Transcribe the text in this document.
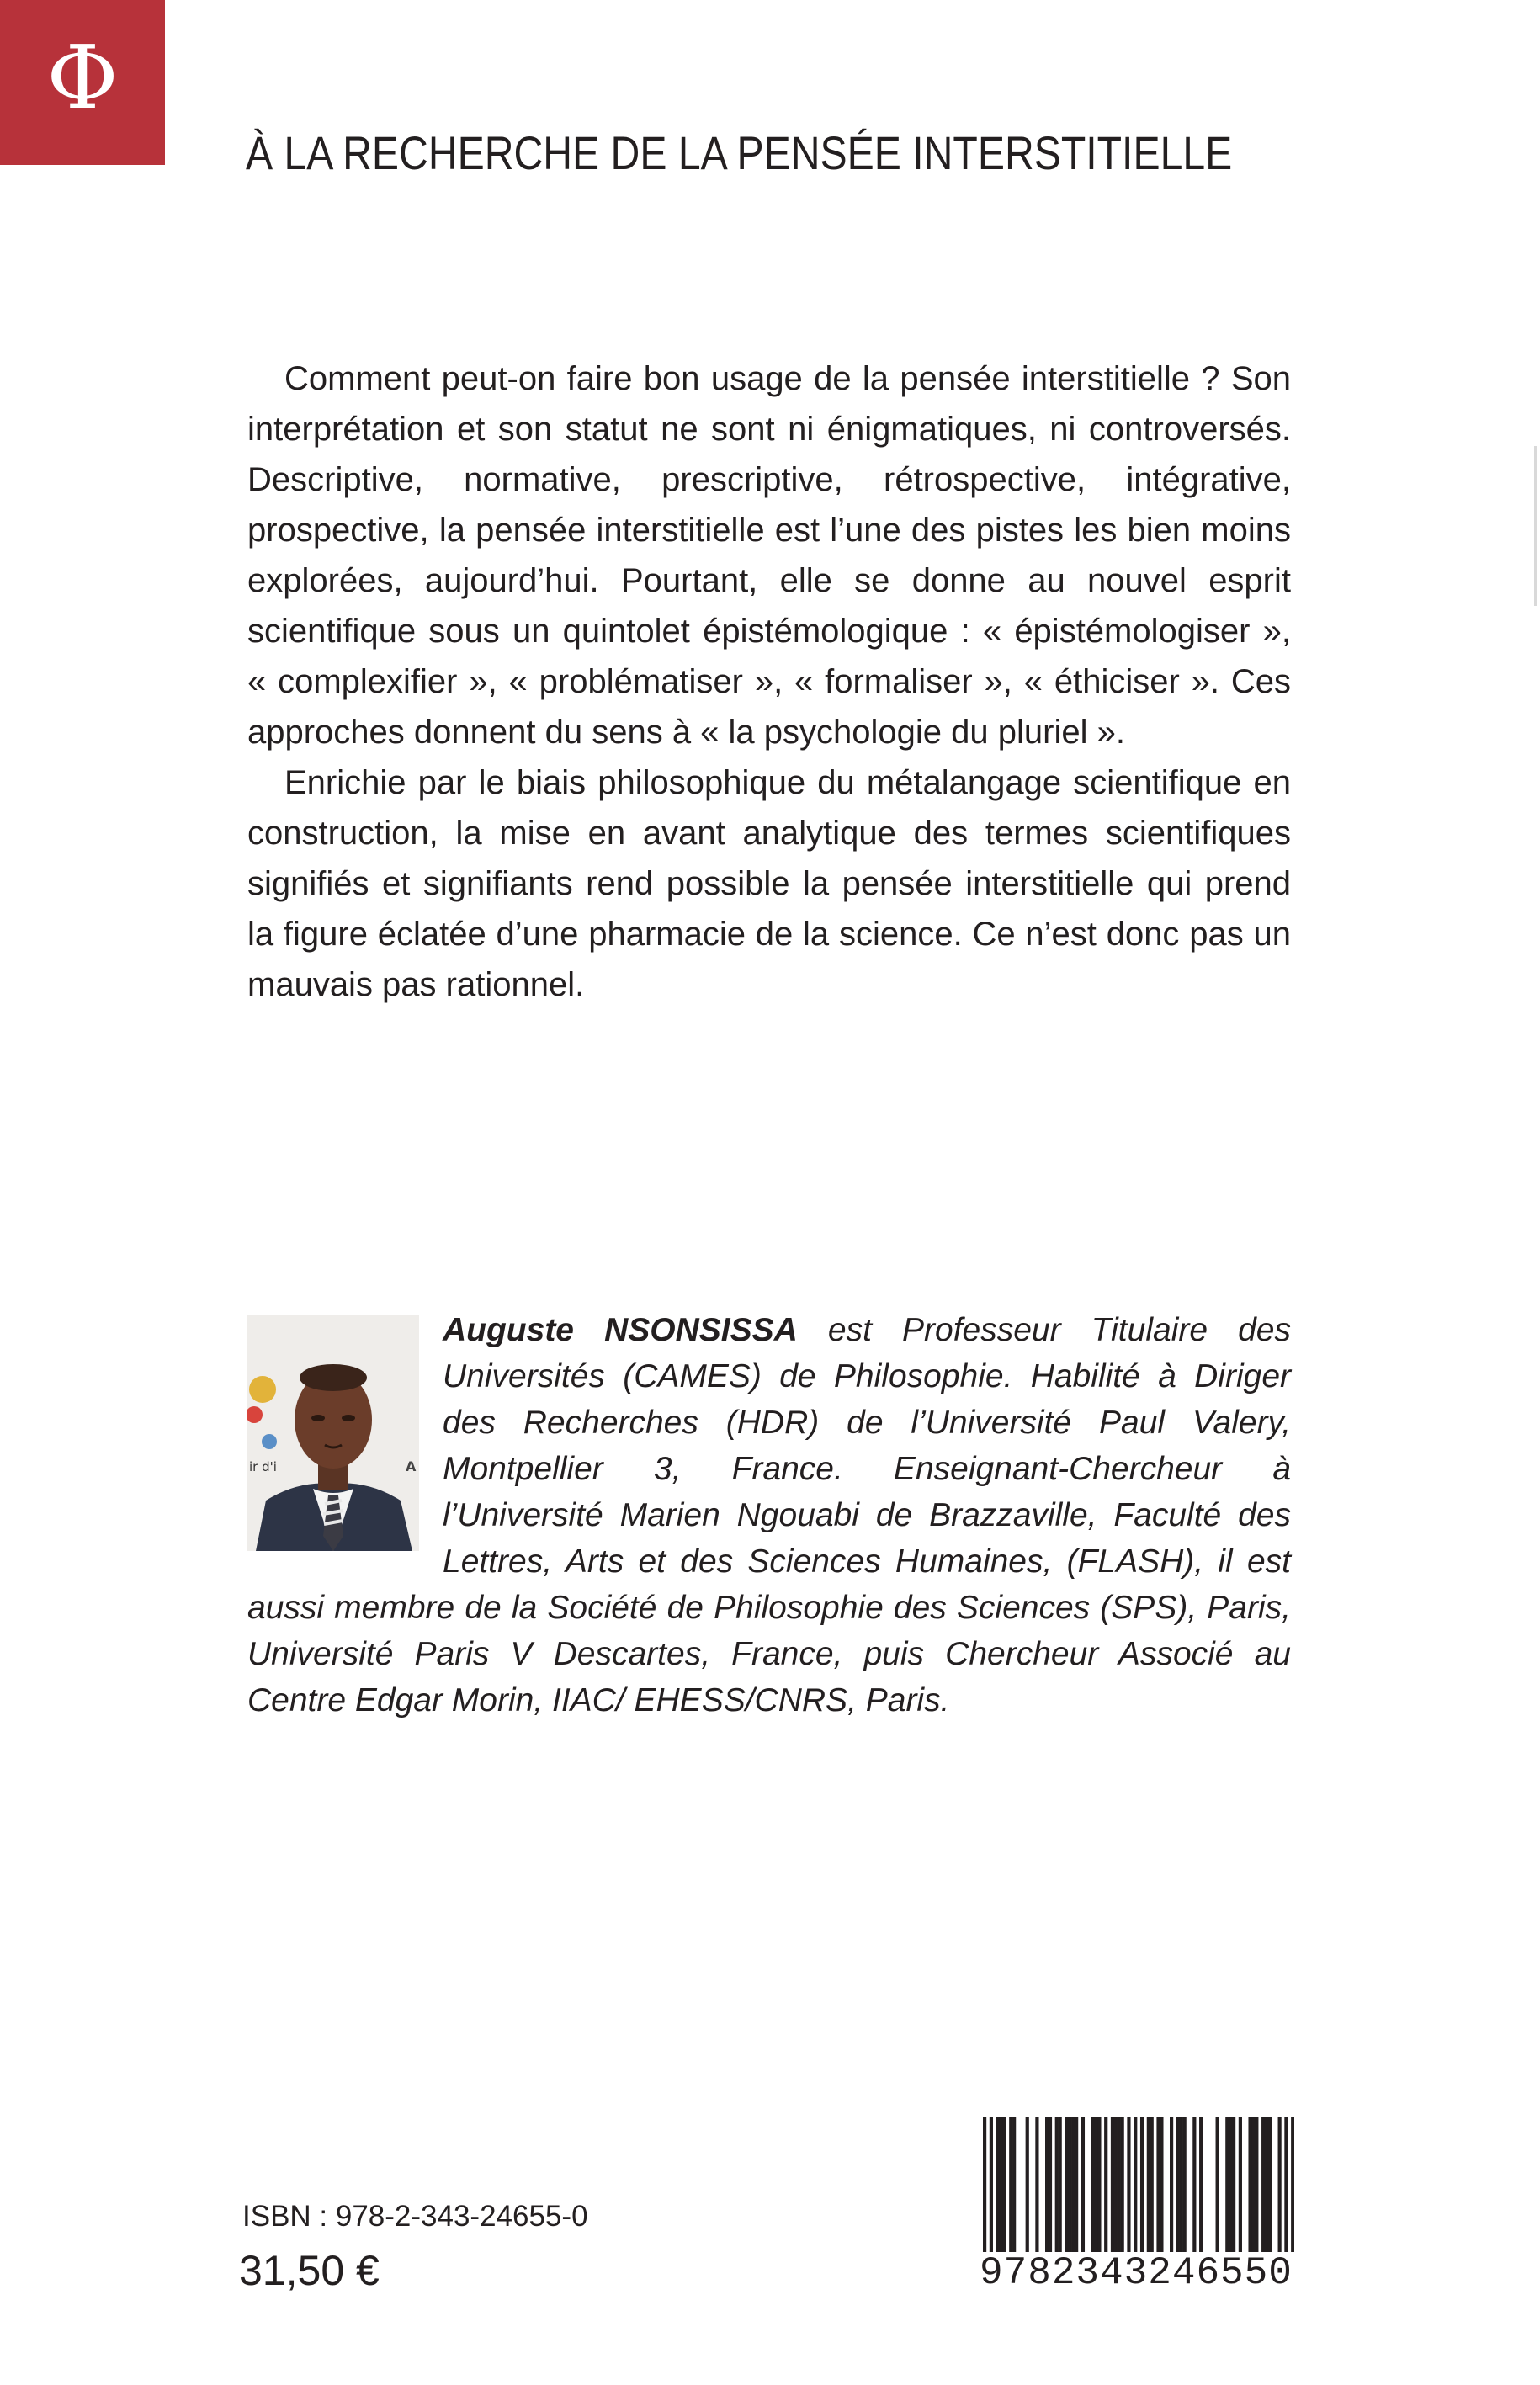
Φ
À LA RECHERCHE DE LA PENSÉE INTERSTITIELLE

Comment peut-on faire bon usage de la pensée interstitielle ? Son interprétation et son statut ne sont ni énigmatiques, ni controversés. Descriptive, normative, prescriptive, rétrospective, intégrative, prospective, la pensée interstitielle est l’une des pistes les bien moins explorées, aujourd’hui. Pourtant, elle se donne au nouvel esprit scientifique sous un quintolet épistémologique : « épistémologiser », « complexifier », « problématiser », « formaliser », « éthiciser ». Ces approches donnent du sens à « la psychologie du pluriel ».

Enrichie par le biais philosophique du métalangage scientifique en construction, la mise en avant analytique des termes scientifiques signifiés et signifiants rend possible la pensée interstitielle qui prend la figure éclatée d’une pharmacie de la science. Ce n’est donc pas un mauvais pas rationnel.

Auguste NSONSISSA est Professeur Titulaire des Universités (CAMES) de Philosophie. Habilité à Diriger des Recherches (HDR) de l’Université Paul Valery, Montpellier 3, France. Enseignant-Chercheur à l’Université Marien Ngouabi de Brazzaville, Faculté des Lettres, Arts et des Sciences Humaines, (FLASH), il est aussi membre de la Société de Philosophie des Sciences (SPS), Paris, Université Paris V Descartes, France, puis Chercheur Associé au Centre Edgar Morin, IIAC/ EHESS/CNRS, Paris.
ir d'i	A
ISBN : 978-2-343-24655-0
31,50 €	9782343246550
